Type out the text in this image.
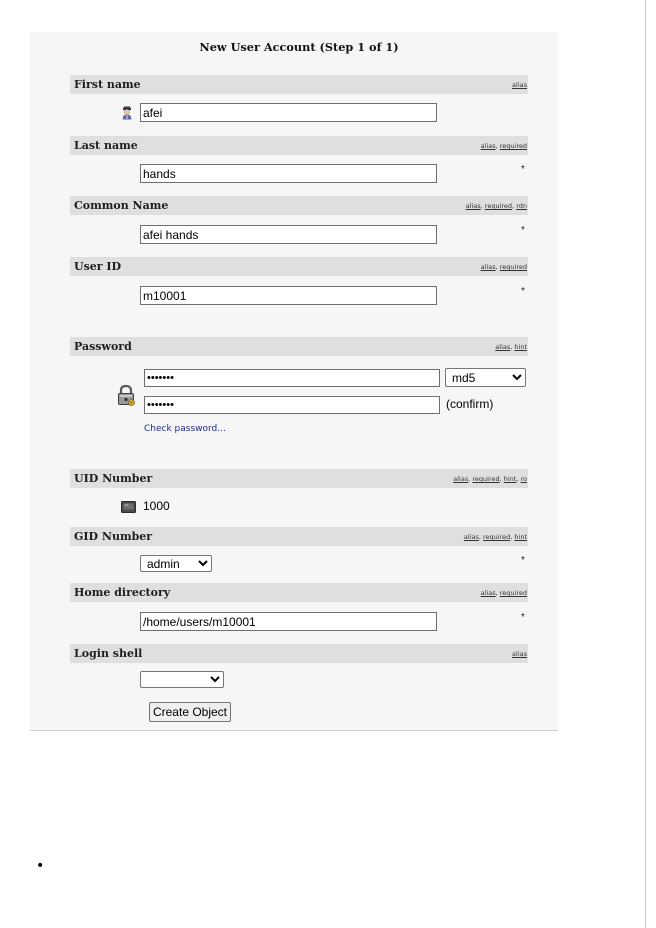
New User Account (Step 1 of 1)
First name	alias
afei
Last name	alias , required
hands
*
Common Name	alias , required , rdn
afei hands
*
User ID	alias , required
m10001
*
Password	alias , hint
•••••••
md5
•••••••
(confirm)
Check password...
UID Number	alias , required , hint , ro
1000
GID Number	alias , required , hint
admin
*
Home directory	alias , required
/home/users/m10001
*
Login shell	alias
Create Object
•
